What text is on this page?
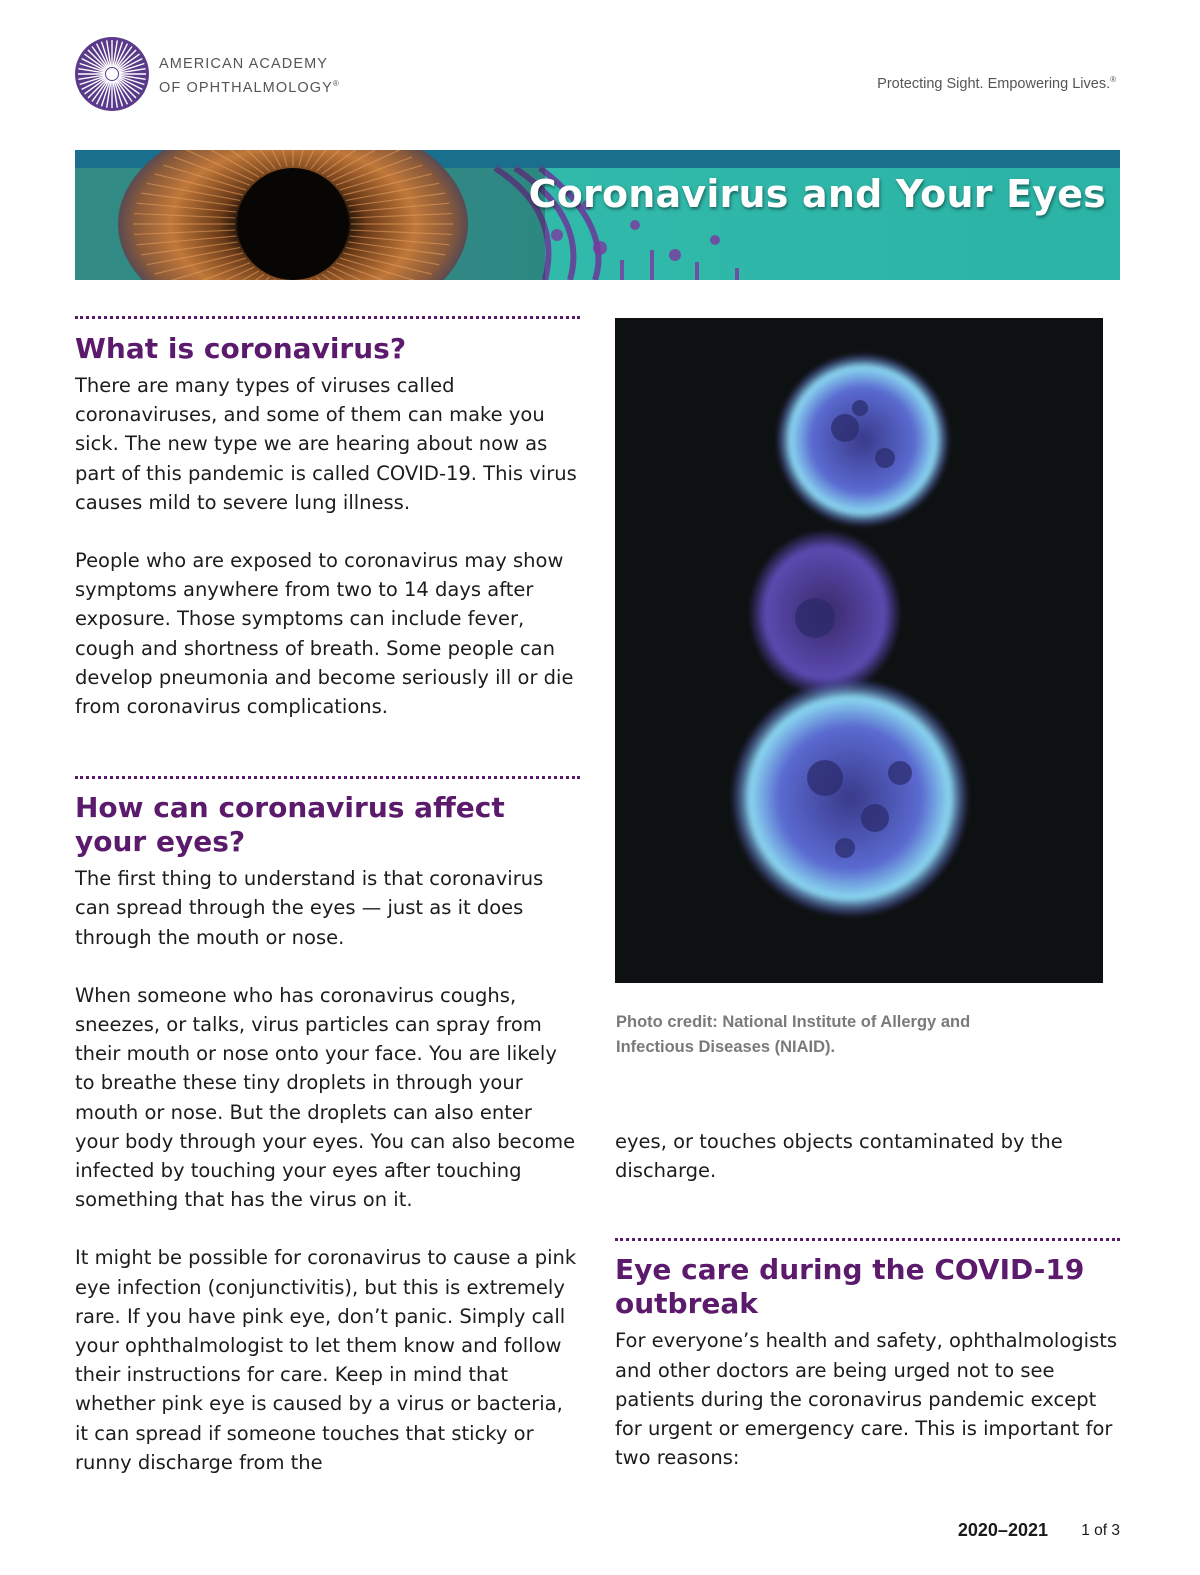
AMERICAN ACADEMY
OF OPHTHALMOLOGY®	Protecting Sight. Empowering Lives.®
Coronavirus and Your Eyes
What is coronavirus?

There are many types of viruses called coronaviruses, and some of them can make you sick. The new type we are hearing about now as part of this pandemic is called COVID-19. This virus causes mild to severe lung illness.

People who are exposed to coronavirus may show symptoms anywhere from two to 14 days after exposure. Those symptoms can include fever, cough and shortness of breath. Some people can develop pneumonia and become seriously ill or die from coronavirus complications.

How can coronavirus affect
your eyes?

The first thing to understand is that coronavirus can spread through the eyes — just as it does through the mouth or nose.

When someone who has coronavirus coughs, sneezes, or talks, virus particles can spray from their mouth or nose onto your face. You are likely to breathe these tiny droplets in through your mouth or nose. But the droplets can also enter your body through your eyes. You can also become infected by touching your eyes after touching something that has the virus on it.

It might be possible for coronavirus to cause a pink eye infection (conjunctivitis), but this is extremely rare. If you have pink eye, don’t panic. Simply call your ophthalmologist to let them know and follow their instructions for care. Keep in mind that whether pink eye is caused by a virus or bacteria, it can spread if someone touches that sticky or runny discharge from the

Photo credit: National Institute of Allergy and
Infectious Diseases (NIAID).

eyes, or touches objects contaminated by the discharge.

Eye care during the COVID-19
outbreak

For everyone’s health and safety, ophthalmologists and other doctors are being urged not to see patients during the coronavirus pandemic except for urgent or emergency care. This is important for two reasons:

2020–2021 1 of 3
